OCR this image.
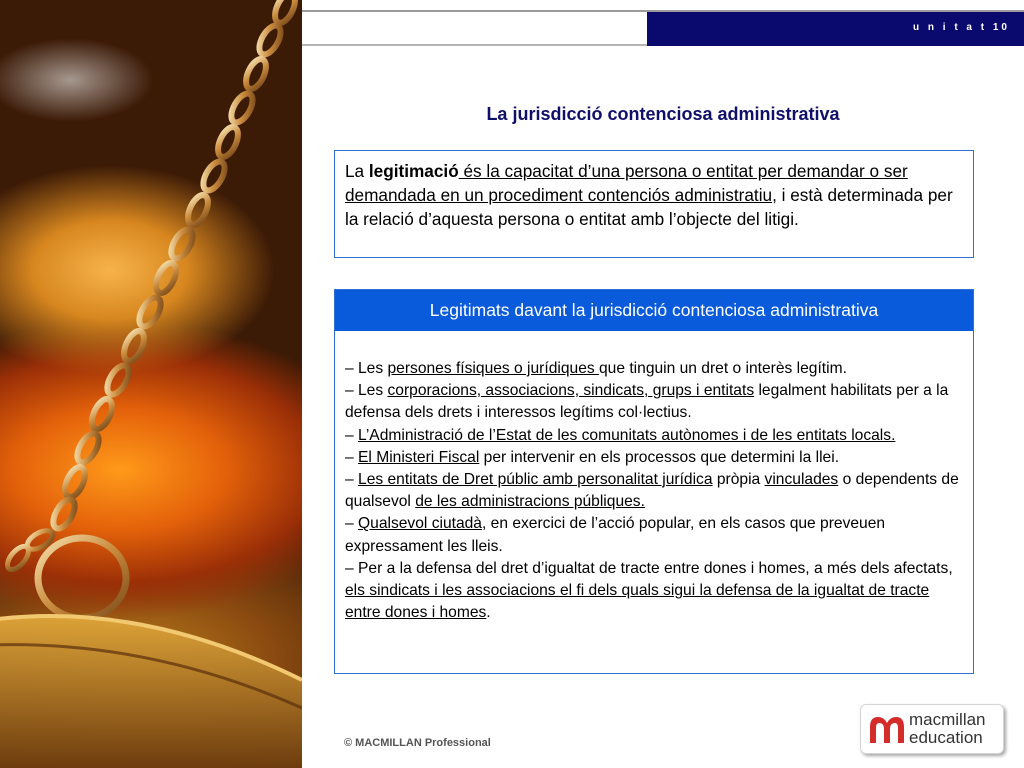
u n i t a t 10
La jurisdicció contenciosa administrativa
La legitimació és la capacitat d’una persona o entitat per demandar o ser demandada en un procediment contenciós administratiu, i està determinada per la relació d’aquesta persona o entitat amb l’objecte del litigi.
Legitimats davant la jurisdicció contenciosa administrativa

– Les persones físiques o jurídiques que tinguin un dret o interès legítim.

– Les corporacions, associacions, sindicats, grups i entitats legalment habilitats per a la defensa dels drets i interessos legítims col·lectius.

– L’Administració de l’Estat de les comunitats autònomes i de les entitats locals.

– El Ministeri Fiscal per intervenir en els processos que determini la llei.

– Les entitats de Dret públic amb personalitat jurídica pròpia vinculades o dependents de qualsevol de les administracions públiques.

– Qualsevol ciutadà, en exercici de l’acció popular, en els casos que preveuen expressament les lleis.

– Per a la defensa del dret d’igualtat de tracte entre dones i homes, a més dels afectats, els sindicats i les associacions el fi dels quals sigui la defensa de la igualtat de tracte entre dones i homes.

© MACMILLAN Professional
macmillan
education
